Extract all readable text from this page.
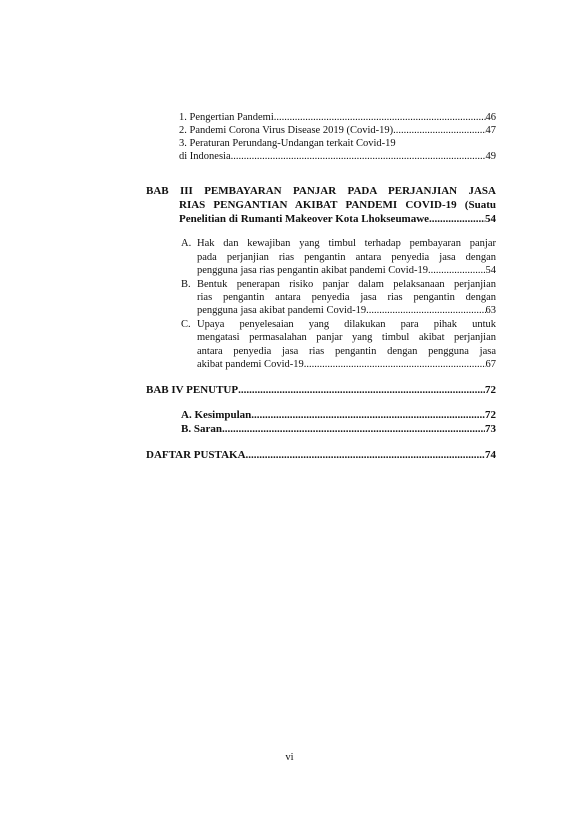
1. Pengertian Pandemi .....	46
2. Pandemi Corona Virus Disease 2019 (Covid-19) .....	47
3. Peraturan Perundang-Undangan terkait Covid-19
di Indonesia .....	49
BAB III PEMBAYARAN PANJAR PADA PERJANJIAN JASA
RIAS PENGANTIAN AKIBAT PANDEMI COVID-19 (Suatu
Penelitian di Rumanti Makeover Kota Lhokseumawe .....	54
A. Hak dan kewajiban yang timbul terhadap pembayaran panjar
pada perjanjian rias pengantin antara penyedia jasa dengan
pengguna jasa rias pengantin akibat pandemi Covid-19 .....	54
B. Bentuk penerapan risiko panjar dalam pelaksanaan perjanjian
rias pengantin antara penyedia jasa rias pengantin dengan
pengguna jasa akibat pandemi Covid-19 .....	63
C. Upaya penyelesaian yang dilakukan para pihak untuk
mengatasi permasalahan panjar yang timbul akibat perjanjian
antara penyedia jasa rias pengantin dengan pengguna jasa
akibat pandemi Covid-19 .....	67
BAB IV PENUTUP .....	72
A. Kesimpulan .....	72
B. Saran .....	73
DAFTAR PUSTAKA .....	74
vi
